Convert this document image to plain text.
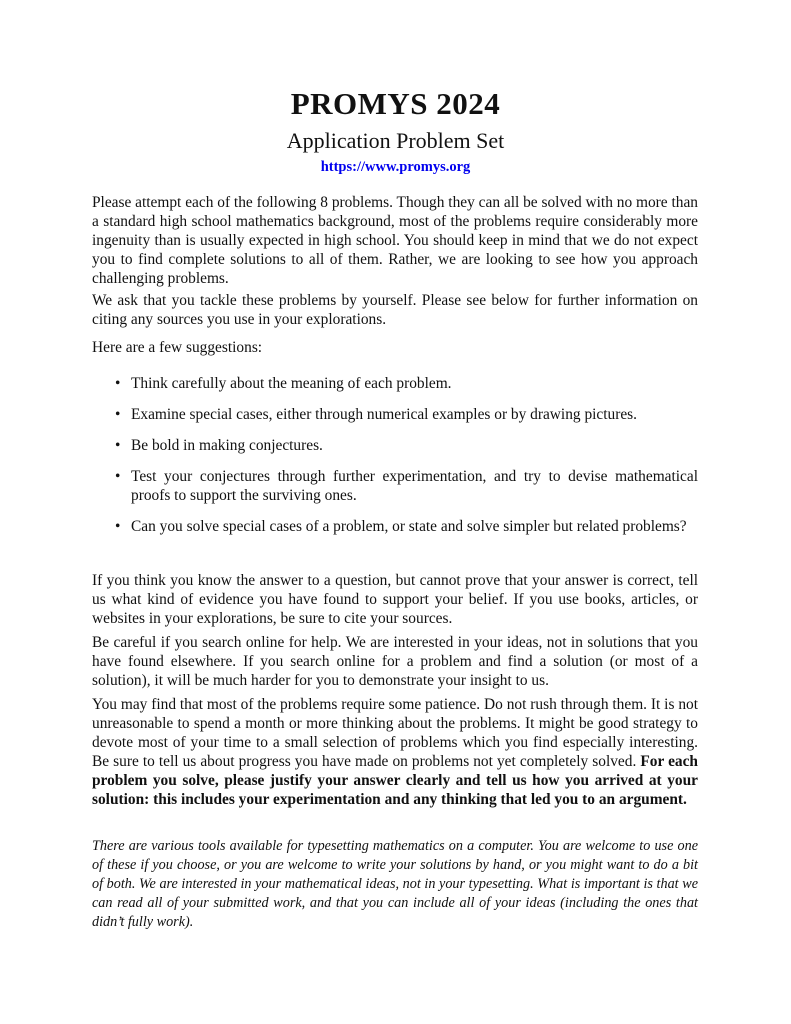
PROMYS 2024
Application Problem Set
https://www.promys.org

Please attempt each of the following 8 problems. Though they can all be solved with no more than a standard high school mathematics background, most of the problems require considerably more ingenuity than is usually expected in high school. You should keep in mind that we do not expect you to find complete solutions to all of them. Rather, we are looking to see how you approach challenging problems.

We ask that you tackle these problems by yourself. Please see below for further information on citing any sources you use in your explorations.

Here are a few suggestions:

• Think carefully about the meaning of each problem.
• Examine special cases, either through numerical examples or by drawing pictures.
• Be bold in making conjectures.
• Test your conjectures through further experimentation, and try to devise mathematical proofs to support the surviving ones.
• Can you solve special cases of a problem, or state and solve simpler but related problems?

If you think you know the answer to a question, but cannot prove that your answer is correct, tell us what kind of evidence you have found to support your belief. If you use books, articles, or websites in your explorations, be sure to cite your sources.

Be careful if you search online for help. We are interested in your ideas, not in solutions that you have found elsewhere. If you search online for a problem and find a solution (or most of a solution), it will be much harder for you to demonstrate your insight to us.

You may find that most of the problems require some patience. Do not rush through them. It is not unreasonable to spend a month or more thinking about the problems. It might be good strategy to devote most of your time to a small selection of problems which you find especially interesting. Be sure to tell us about progress you have made on problems not yet completely solved. For each problem you solve, please justify your answer clearly and tell us how you arrived at your solution: this includes your experimentation and any thinking that led you to an argument.

There are various tools available for typesetting mathematics on a computer. You are welcome to use one of these if you choose, or you are welcome to write your solutions by hand, or you might want to do a bit of both. We are interested in your mathematical ideas, not in your typesetting. What is important is that we can read all of your submitted work, and that you can include all of your ideas (including the ones that didn’t fully work).
